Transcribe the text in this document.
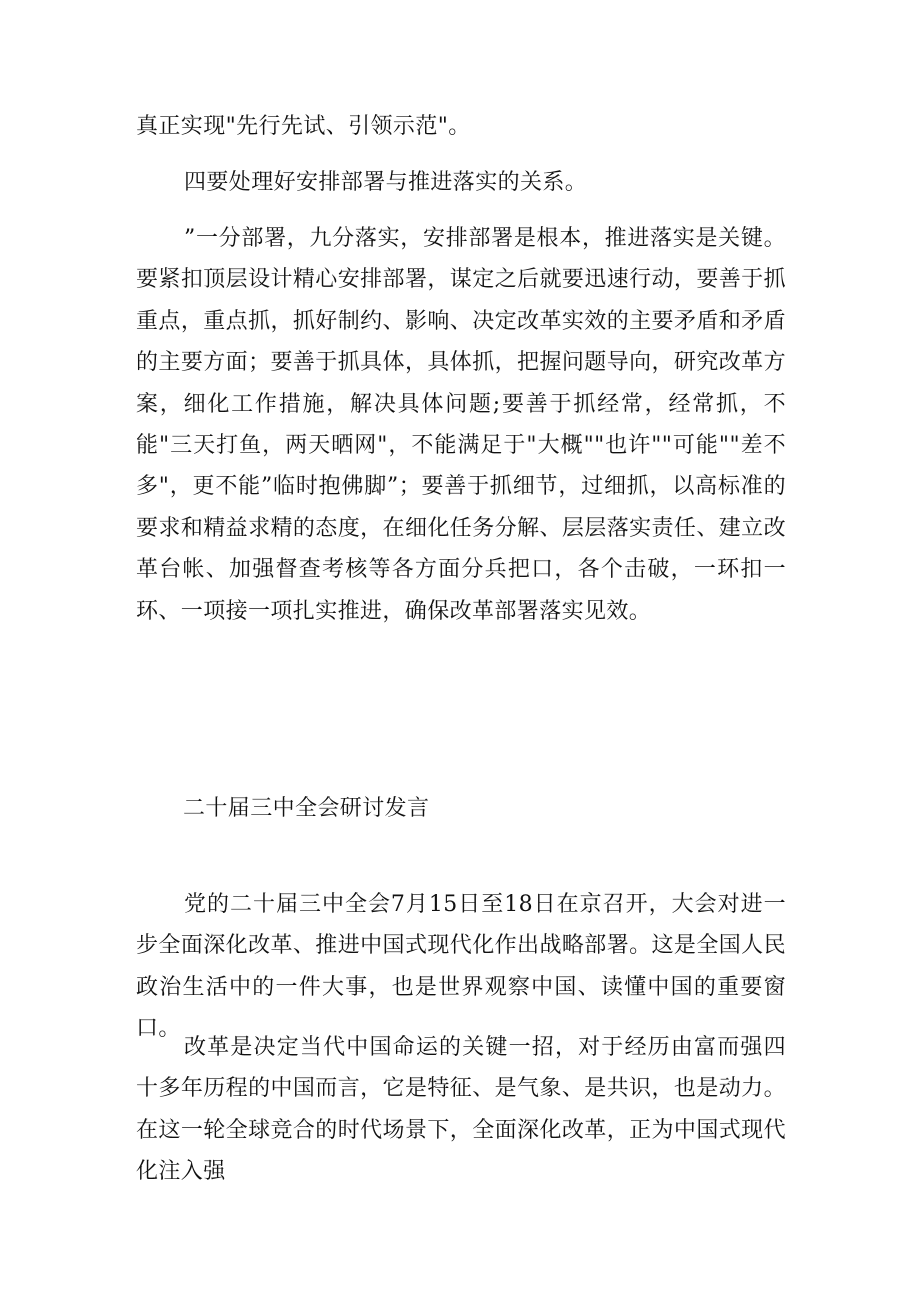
真正实现"先行先试、引领示范"。

四要处理好安排部署与推进落实的关系。

”一分部署，九分落实，安排部署是根本，推进落实是关键。要紧扣顶层设计精心安排部署，谋定之后就要迅速行动，要善于抓重点，重点抓，抓好制约、影响、决定改革实效的主要矛盾和矛盾的主要方面；要善于抓具体，具体抓，把握问题导向，研究改革方案，细化工作措施，解决具体问题;要善于抓经常，经常抓，不能"三天打鱼，两天晒网"，不能满足于"大概""也许""可能""差不多"，更不能”临时抱佛脚”；要善于抓细节，过细抓，以高标准的要求和精益求精的态度，在细化任务分解、层层落实责任、建立改革台帐、加强督查考核等各方面分兵把口，各个击破，一环扣一环、一项接一项扎实推进，确保改革部署落实见效。

二十届三中全会研讨发言

党的二十届三中全会7月15日至18日在京召开，大会对进一步全面深化改革、推进中国式现代化作出战略部署。这是全国人民政治生活中的一件大事，也是世界观察中国、读懂中国的重要窗口。

改革是决定当代中国命运的关键一招，对于经历由富而强四十多年历程的中国而言，它是特征、是气象、是共识，也是动力。在这一轮全球竞合的时代场景下，全面深化改革，正为中国式现代化注入强
